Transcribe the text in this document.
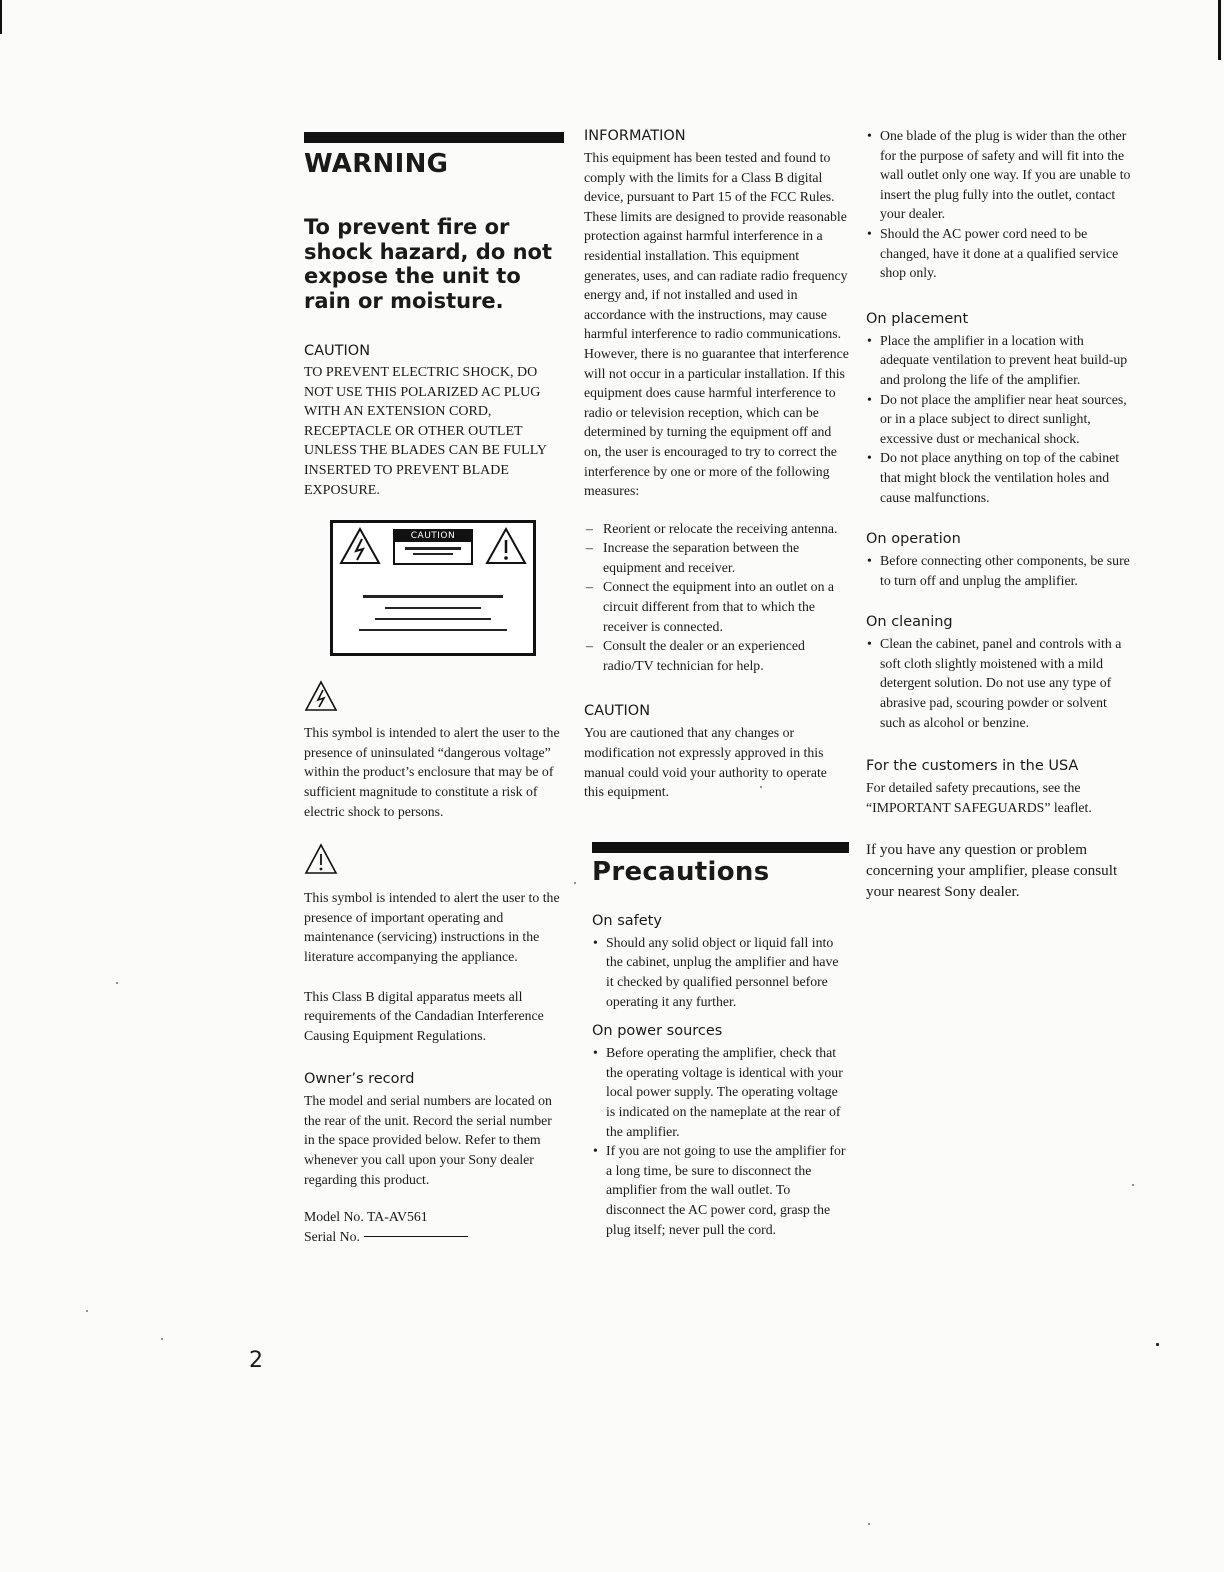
WARNING
To prevent fire or shock hazard, do not expose the unit to rain or moisture.
CAUTION

TO PREVENT ELECTRIC SHOCK, DO NOT USE THIS POLARIZED AC PLUG WITH AN EXTENSION CORD, RECEPTACLE OR OTHER OUTLET UNLESS THE BLADES CAN BE FULLY INSERTED TO PREVENT BLADE EXPOSURE.

CAUTION

This symbol is intended to alert the user to the presence of uninsulated “dangerous voltage” within the product’s enclosure that may be of sufficient magnitude to constitute a risk of electric shock to persons.

This symbol is intended to alert the user to the presence of important operating and maintenance (servicing) instructions in the literature accompanying the appliance.

This Class B digital apparatus meets all requirements of the Candadian Interference Causing Equipment Regulations.

Owner’s record

The model and serial numbers are located on the rear of the unit. Record the serial number in the space provided below. Refer to them whenever you call upon your Sony dealer regarding this product.

Model No. TA-AV561

Serial No.

INFORMATION

This equipment has been tested and found to comply with the limits for a Class B digital device, pursuant to Part 15 of the FCC Rules. These limits are designed to provide reasonable protection against harmful interference in a residential installation. This equipment generates, uses, and can radiate radio frequency energy and, if not installed and used in accordance with the instructions, may cause harmful interference to radio communications. However, there is no guarantee that interference will not occur in a particular installation. If this equipment does cause harmful interference to radio or television reception, which can be determined by turning the equipment off and on, the user is encouraged to try to correct the interference by one or more of the following measures:

– Reorient or relocate the receiving antenna.
– Increase the separation between the equipment and receiver.
– Connect the equipment into an outlet on a circuit different from that to which the receiver is connected.
– Consult the dealer or an experienced radio/TV technician for help.
CAUTION

You are cautioned that any changes or modification not expressly approved in this manual could void your authority to operate this equipment.

Precautions
On safety
• Should any solid object or liquid fall into the cabinet, unplug the amplifier and have it checked by qualified personnel before operating it any further.
On power sources
• Before operating the amplifier, check that the operating voltage is identical with your local power supply. The operating voltage is indicated on the nameplate at the rear of the amplifier.
• If you are not going to use the amplifier for a long time, be sure to disconnect the amplifier from the wall outlet. To disconnect the AC power cord, grasp the plug itself; never pull the cord.
• One blade of the plug is wider than the other for the purpose of safety and will fit into the wall outlet only one way. If you are unable to insert the plug fully into the outlet, contact your dealer.
• Should the AC power cord need to be changed, have it done at a qualified service shop only.
On placement
• Place the amplifier in a location with adequate ventilation to prevent heat build-up and prolong the life of the amplifier.
• Do not place the amplifier near heat sources, or in a place subject to direct sunlight, excessive dust or mechanical shock.
• Do not place anything on top of the cabinet that might block the ventilation holes and cause malfunctions.
On operation
• Before connecting other components, be sure to turn off and unplug the amplifier.
On cleaning
• Clean the cabinet, panel and controls with a soft cloth slightly moistened with a mild detergent solution. Do not use any type of abrasive pad, scouring powder or solvent such as alcohol or benzine.
For the customers in the USA

For detailed safety precautions, see the “IMPORTANT SAFEGUARDS” leaflet.

If you have any question or problem concerning your amplifier, please consult your nearest Sony dealer.

2
